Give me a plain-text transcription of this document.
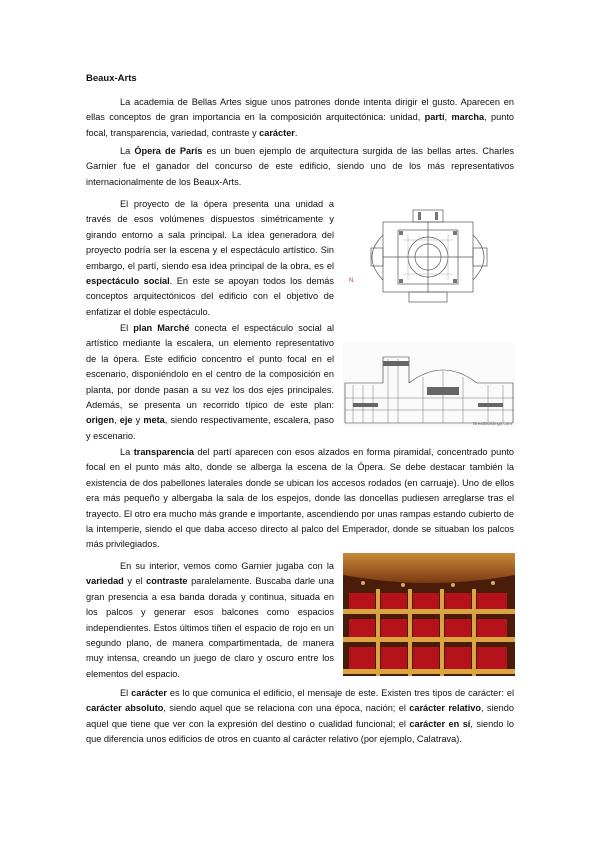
Beaux-Arts

La academia de Bellas Artes sigue unos patrones donde intenta dirigir el gusto. Aparecen en ellas conceptos de gran importancia en la composición arquitectónica: unidad, partí, marcha, punto focal, transparencia, variedad, contraste y carácter.

La Ópera de París es un buen ejemplo de arquitectura surgida de las bellas artes. Charles Garnier fue el ganador del concurso de este edificio, siendo uno de los más representativos internacionalmente de los Beaux-Arts.

El proyecto de la ópera presenta una unidad a través de esos volúmenes dispuestos simétricamente y girando entorno a sala principal. La idea generadora del proyecto podría ser la escena y el espectáculo artístico. Sin embargo, el partí, siendo esa idea principal de la obra, es el espectáculo social. En este se apoyan todos los demás conceptos arquitectónicos del edificio con el objetivo de enfatizar el doble espectáculo.

N

El plan Marché conecta el espectáculo social al artístico mediante la escalera, un elemento representativo de la ópera. Este edificio concentro el punto focal en el escenario, disponiéndolo en el centro de la composición en planta, por donde pasan a su vez los dos ejes principales. Además, se presenta un recorrido típico de este plan: origen, eje y meta, siendo respectivamente, escalera, paso y escenario.

GreatBuildings.com

La transparencia del partí aparecen con esos alzados en forma piramidal, concentrado punto focal en el punto más alto, donde se alberga la escena de la Ópera. Se debe destacar también la existencia de dos pabellones laterales donde se ubican los accesos rodados (en carruaje). Uno de ellos era más pequeño y albergaba la sala de los espejos, donde las doncellas pudiesen arreglarse tras el trayecto. El otro era mucho más grande e importante, ascendiendo por unas rampas estando cubierto de la intemperie, siendo el que daba acceso directo al palco del Emperador, donde se situaban los palcos más privilegiados.

En su interior, vemos como Garnier jugaba con la variedad y el contraste paralelamente. Buscaba darle una gran presencia a esa banda dorada y continua, situada en los palcos y generar esos balcones como espacios independientes. Estos últimos tiñen el espacio de rojo en un segundo plano, de manera compartimentada, de manera muy intensa, creando un juego de claro y oscuro entre los elementos del espacio.

El carácter es lo que comunica el edificio, el mensaje de este. Existen tres tipos de carácter: el carácter absoluto, siendo aquel que se relaciona con una época, nación; el carácter relativo, siendo aquel que tiene que ver con la expresión del destino o cualidad funcional; el carácter en sí, siendo lo que diferencia unos edificios de otros en cuanto al carácter relativo (por ejemplo, Calatrava).
